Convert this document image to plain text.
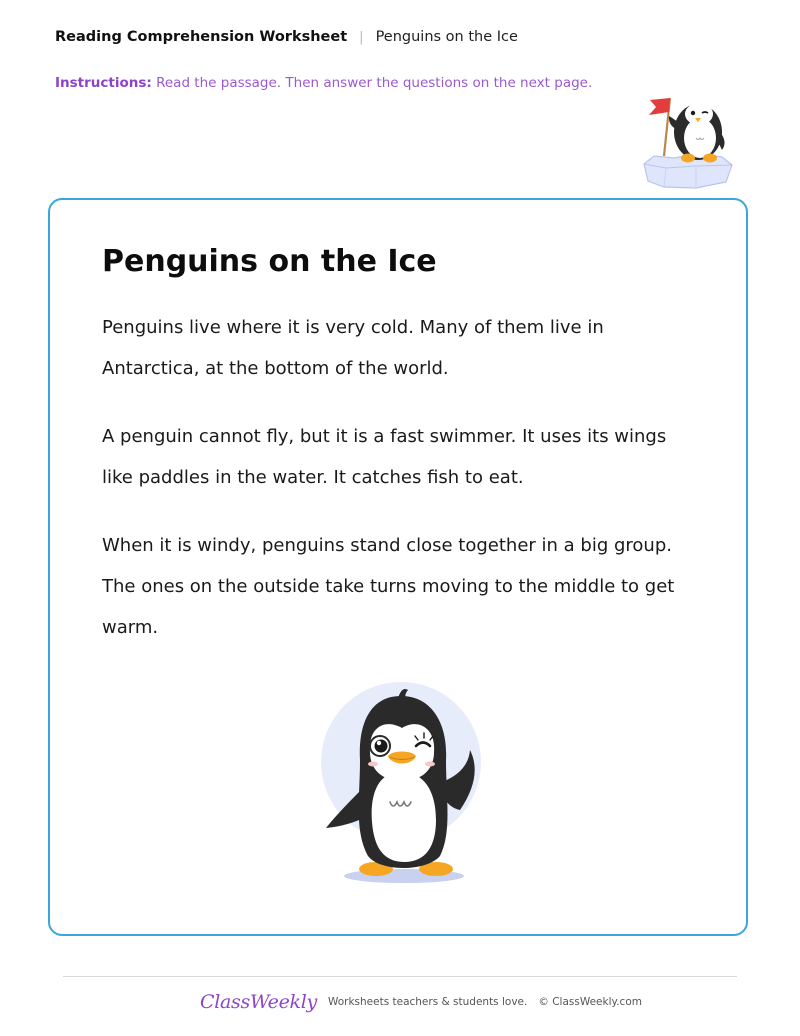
Reading Comprehension Worksheet | Penguins on the Ice
Instructions: Read the passage. Then answer the questions on the next page.
Penguins on the Ice

Penguins live where it is very cold. Many of them live in Antarctica, at the bottom of the world.

A penguin cannot fly, but it is a fast swimmer. It uses its wings like paddles in the water. It catches fish to eat.

When it is windy, penguins stand close together in a big group. The ones on the outside take turns moving to the middle to get warm.

ClassWeekly Worksheets teachers & students love. © ClassWeekly.com
